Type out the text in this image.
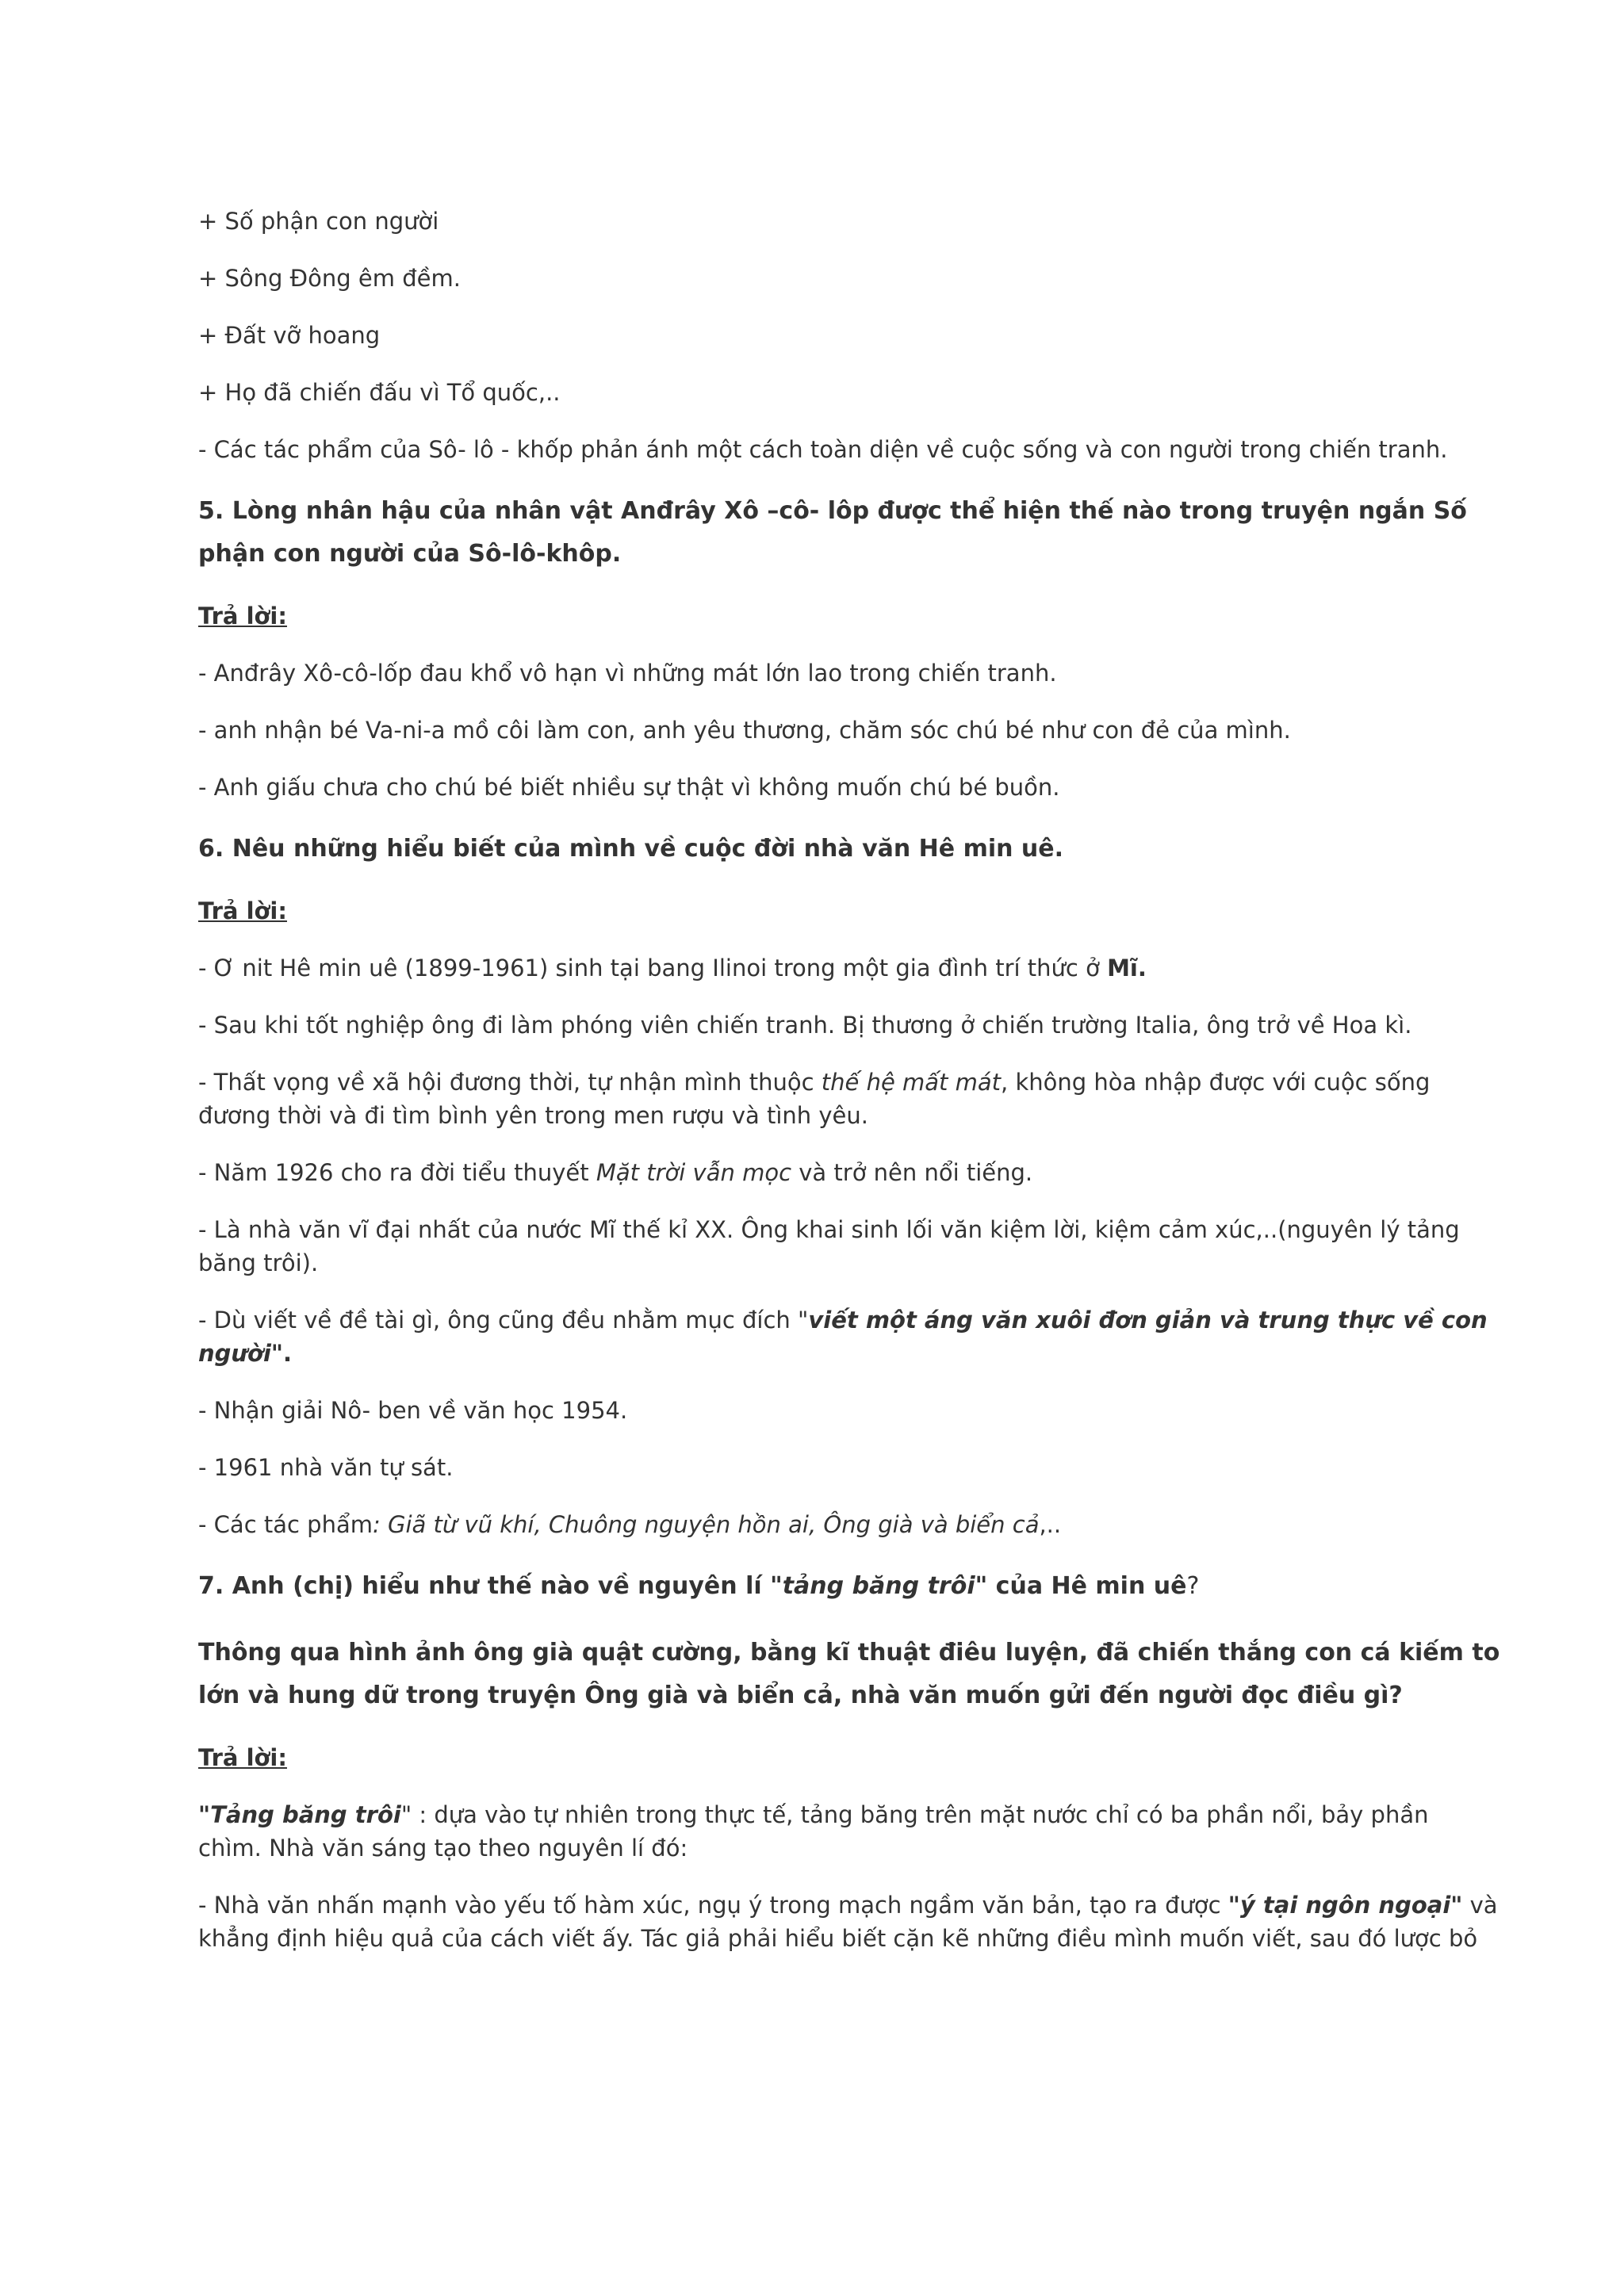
+ Số phận con người
+ Sông Đông êm đềm.
+ Đất vỡ hoang
+ Họ đã chiến đấu vì Tổ quốc,..
- Các tác phẩm của Sô- lô - khốp phản ánh một cách toàn diện về cuộc sống và con người trong chiến tranh.
5. Lòng nhân hậu của nhân vật Anđrây Xô –cô- lôp được thể hiện thế nào trong truyện ngắn Số
phận con người của Sô-lô-khôp.
Trả lời:
- Anđrây Xô-cô-lốp đau khổ vô hạn vì những mát lớn lao trong chiến tranh.
- anh nhận bé Va-ni-a mồ côi làm con, anh yêu thương, chăm sóc chú bé như con đẻ của mình.
- Anh giấu chưa cho chú bé biết nhiều sự thật vì không muốn chú bé buồn.
6. Nêu những hiểu biết của mình về cuộc đời nhà văn Hê min uê.
Trả lời:
- Ơ nit Hê min uê (1899-1961) sinh tại bang Ilinoi trong một gia đình trí thức ở Mĩ.
- Sau khi tốt nghiệp ông đi làm phóng viên chiến tranh. Bị thương ở chiến trường Italia, ông trở về Hoa kì.
- Thất vọng về xã hội đương thời, tự nhận mình thuộc thế hệ mất mát, không hòa nhập được với cuộc sống
đương thời và đi tìm bình yên trong men rượu và tình yêu.
- Năm 1926 cho ra đời tiểu thuyết Mặt trời vẫn mọc và trở nên nổi tiếng.
- Là nhà văn vĩ đại nhất của nước Mĩ thế kỉ XX. Ông khai sinh lối văn kiệm lời, kiệm cảm xúc,..(nguyên lý tảng
băng trôi).
- Dù viết về đề tài gì, ông cũng đều nhằm mục đích "viết một áng văn xuôi đơn giản và trung thực về con
người".
- Nhận giải Nô- ben về văn học 1954.
- 1961 nhà văn tự sát.
- Các tác phẩm: Giã từ vũ khí, Chuông nguyện hồn ai, Ông già và biển cả,..
7. Anh (chị) hiểu như thế nào về nguyên lí "tảng băng trôi" của Hê min uê?
Thông qua hình ảnh ông già quật cường, bằng kĩ thuật điêu luyện, đã chiến thắng con cá kiếm to
lớn và hung dữ trong truyện Ông già và biển cả, nhà văn muốn gửi đến người đọc điều gì?
Trả lời:
"Tảng băng trôi" : dựa vào tự nhiên trong thực tế, tảng băng trên mặt nước chỉ có ba phần nổi, bảy phần
chìm. Nhà văn sáng tạo theo nguyên lí đó:
- Nhà văn nhấn mạnh vào yếu tố hàm xúc, ngụ ý trong mạch ngầm văn bản, tạo ra được "ý tại ngôn ngoại" và
khẳng định hiệu quả của cách viết ấy. Tác giả phải hiểu biết cặn kẽ những điều mình muốn viết, sau đó lược bỏ
